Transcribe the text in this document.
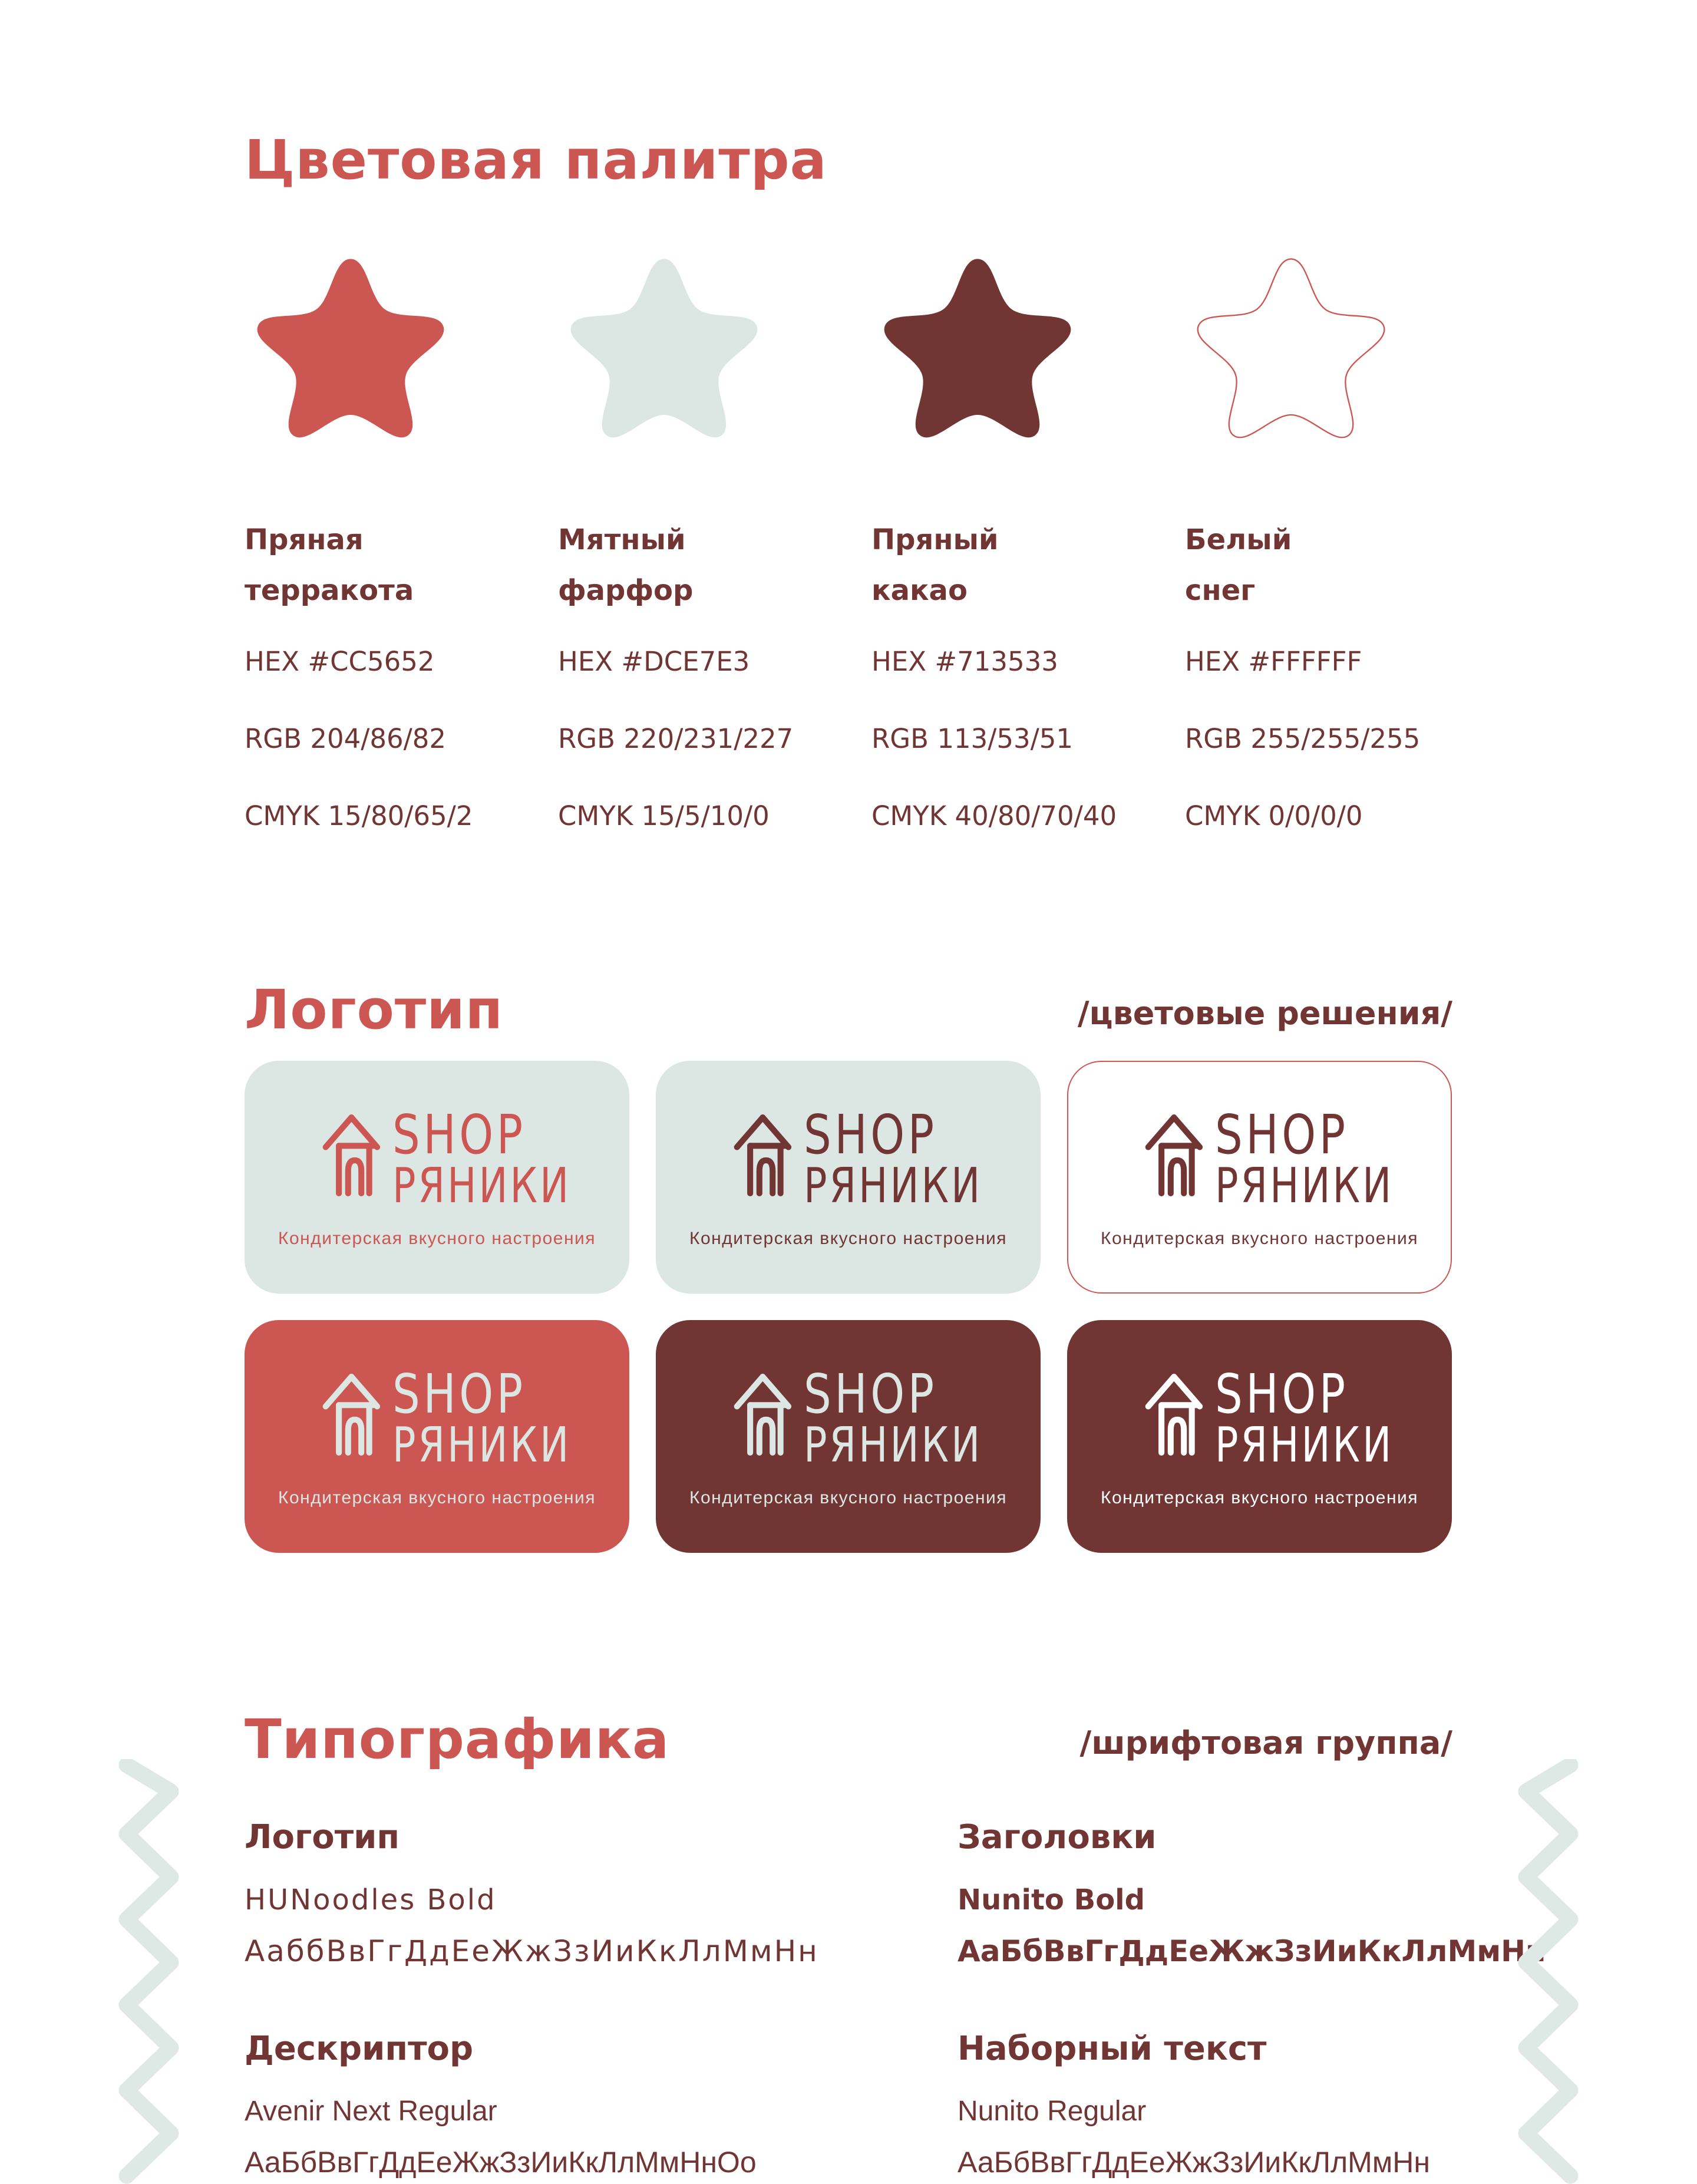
Цветовая палитра
Пряная
терракота
HEX #CC5652
RGB 204/86/82
CMYK 15/80/65/2
Мятный
фарфор
HEX #DCE7E3
RGB 220/231/227
CMYK 15/5/10/0
Пряный
какао
HEX #713533
RGB 113/53/51
CMYK 40/80/70/40
Белый
снег
HEX #FFFFFF
RGB 255/255/255
CMYK 0/0/0/0
Логотип	/цветовые решения/
SHOP
РЯНИКИ
Кондитерская вкусного настроения
SHOP
РЯНИКИ
Кондитерская вкусного настроения
SHOP
РЯНИКИ
Кондитерская вкусного настроения
SHOP
РЯНИКИ
Кондитерская вкусного настроения
SHOP
РЯНИКИ
Кондитерская вкусного настроения
SHOP
РЯНИКИ
Кондитерская вкусного настроения
Типографика	/шрифтовая группа/
Логотип
HUNoodles Bold
АаббВвГгДдЕеЖжЗзИиКкЛлМмНн
Дескриптор
Avenir Next Regular
АаБбВвГгДдЕеЖжЗзИиКкЛлМмНнОо
Заголовки
Nunito Bold
АаБбВвГгДдЕеЖжЗзИиКкЛлМмНн
Наборный текст
Nunito Regular
АаБбВвГгДдЕеЖжЗзИиКкЛлМмНн
